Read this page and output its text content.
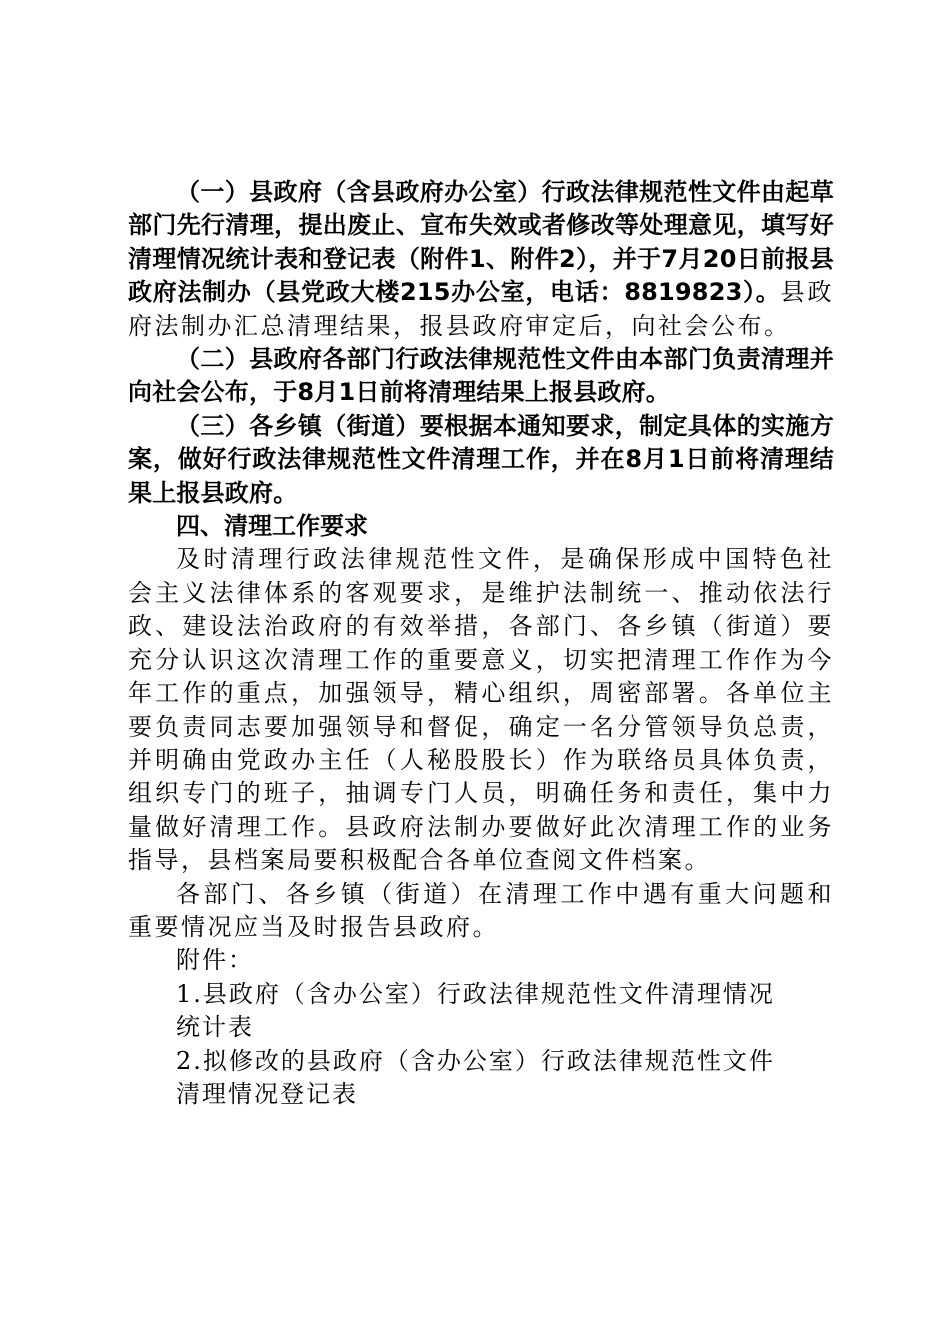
（一）县政府（含县政府办公室）行政法律规范性文件由起草部门先行清理，提出废止、宣布失效或者修改等处理意见，填写好清理情况统计表和登记表（附件1、附件2），并于7月20日前报县政府法制办（县党政大楼215办公室，电话：8819823）。县政府法制办汇总清理结果，报县政府审定后，向社会公布。

（二）县政府各部门行政法律规范性文件由本部门负责清理并向社会公布，于8月1日前将清理结果上报县政府。

（三）各乡镇（街道）要根据本通知要求，制定具体的实施方案，做好行政法律规范性文件清理工作，并在8月1日前将清理结果上报县政府。

四、清理工作要求

及时清理行政法律规范性文件，是确保形成中国特色社会主义法律体系的客观要求，是维护法制统一、推动依法行政、建设法治政府的有效举措，各部门、各乡镇（街道）要充分认识这次清理工作的重要意义，切实把清理工作作为今年工作的重点，加强领导，精心组织，周密部署。各单位主要负责同志要加强领导和督促，确定一名分管领导负总责，并明确由党政办主任（人秘股股长）作为联络员具体负责，组织专门的班子，抽调专门人员，明确任务和责任，集中力量做好清理工作。县政府法制办要做好此次清理工作的业务指导，县档案局要积极配合各单位查阅文件档案。

各部门、各乡镇（街道）在清理工作中遇有重大问题和重要情况应当及时报告县政府。

附件：

1.县政府（含办公室）行政法律规范性文件清理情况
统计表
2.拟修改的县政府（含办公室）行政法律规范性文件
清理情况登记表
